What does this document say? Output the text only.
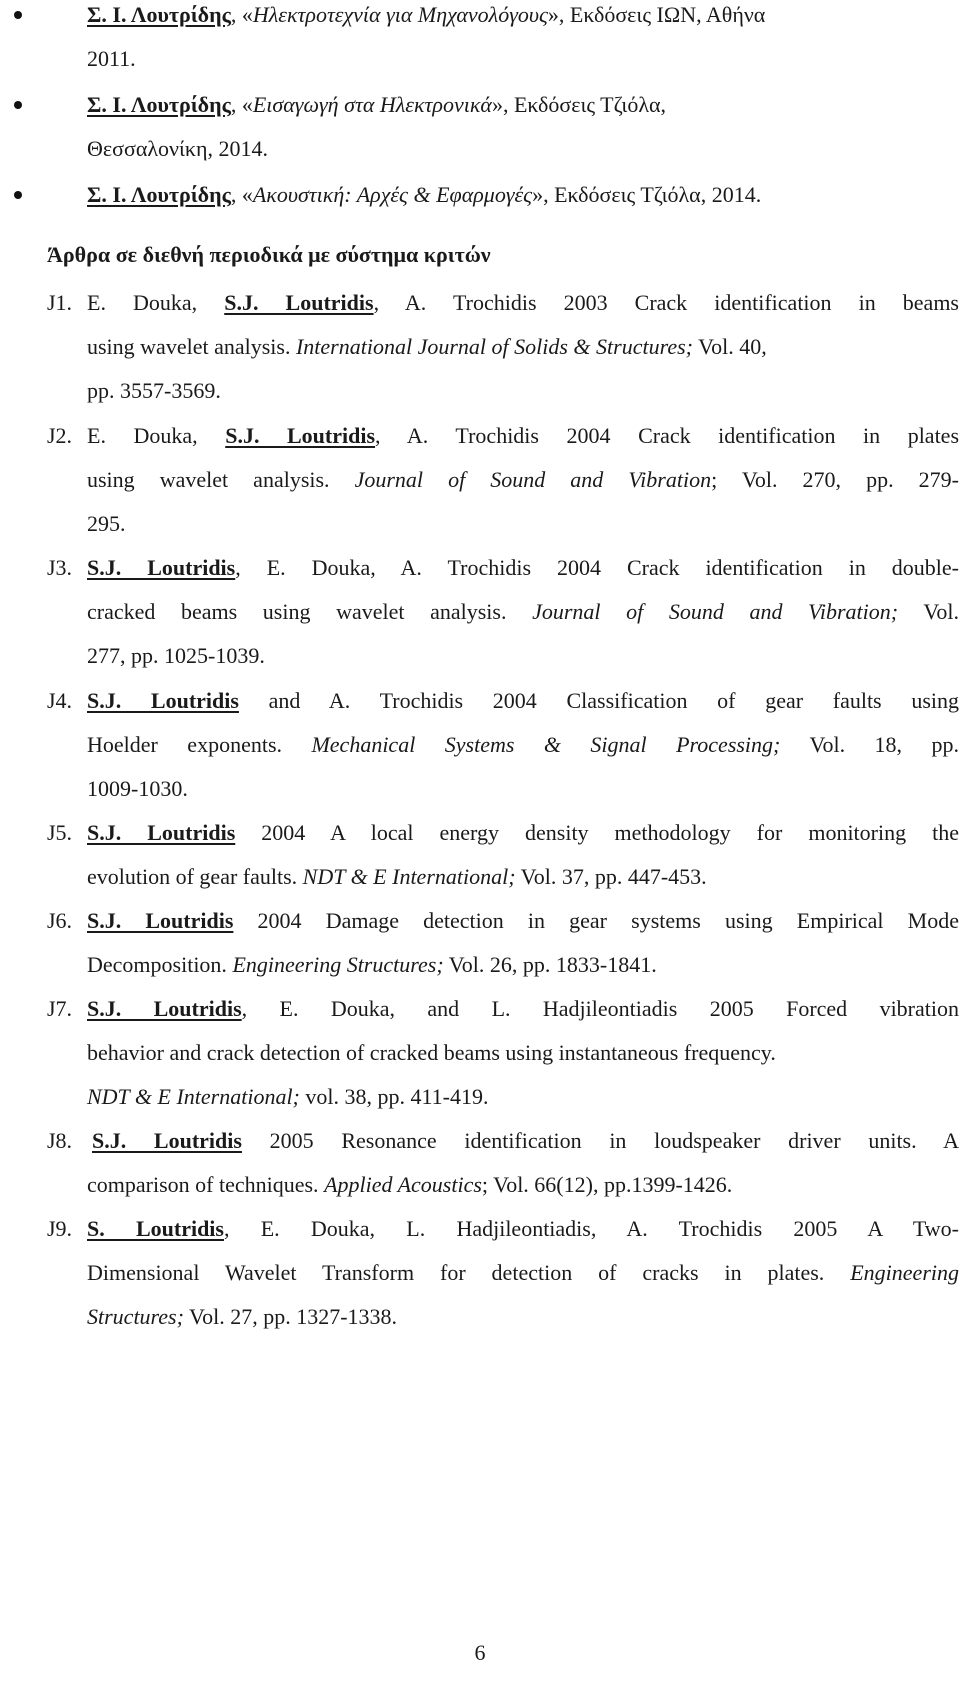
Σ. Ι. Λουτρίδης, «Ηλεκτροτεχνία για Μηχανολόγους», Εκδόσεις ΙΩΝ, Αθήνα
2011.
Σ. Ι. Λουτρίδης, «Εισαγωγή στα Ηλεκτρονικά», Εκδόσεις Τζιόλα,
Θεσσαλονίκη, 2014.
Σ. Ι. Λουτρίδης, «Ακουστική: Αρχές & Εφαρμογές», Εκδόσεις Τζιόλα, 2014.
Άρθρα σε διεθνή περιοδικά με σύστημα κριτών
J1. E. Douka, S.J. Loutridis, A. Trochidis 2003 Crack identification in beams
using wavelet analysis. International Journal of Solids & Structures; Vol. 40,
pp. 3557-3569.
J2. E. Douka, S.J. Loutridis, A. Trochidis 2004 Crack identification in plates
using wavelet analysis. Journal of Sound and Vibration; Vol. 270, pp. 279-
295.
J3. S.J. Loutridis, E. Douka, A. Trochidis 2004 Crack identification in double-
cracked beams using wavelet analysis. Journal of Sound and Vibration; Vol.
277, pp. 1025-1039.
J4. S.J. Loutridis and A. Trochidis 2004 Classification of gear faults using
Hoelder exponents. Mechanical Systems & Signal Processing; Vol. 18, pp.
1009-1030.
J5. S.J. Loutridis 2004 A local energy density methodology for monitoring the
evolution of gear faults. NDT & E International; Vol. 37, pp. 447-453.
J6. S.J. Loutridis 2004 Damage detection in gear systems using Empirical Mode
Decomposition. Engineering Structures; Vol. 26, pp. 1833-1841.
J7. S.J. Loutridis, E. Douka, and L. Hadjileontiadis 2005 Forced vibration
behavior and crack detection of cracked beams using instantaneous frequency.
NDT & E International; vol. 38, pp. 411-419.
J8. S.J. Loutridis 2005 Resonance identification in loudspeaker driver units. A
comparison of techniques. Applied Acoustics; Vol. 66(12), pp.1399-1426.
J9. S. Loutridis, E. Douka, L. Hadjileontiadis, A. Trochidis 2005 A Two-
Dimensional Wavelet Transform for detection of cracks in plates. Engineering
Structures; Vol. 27, pp. 1327-1338.
6
